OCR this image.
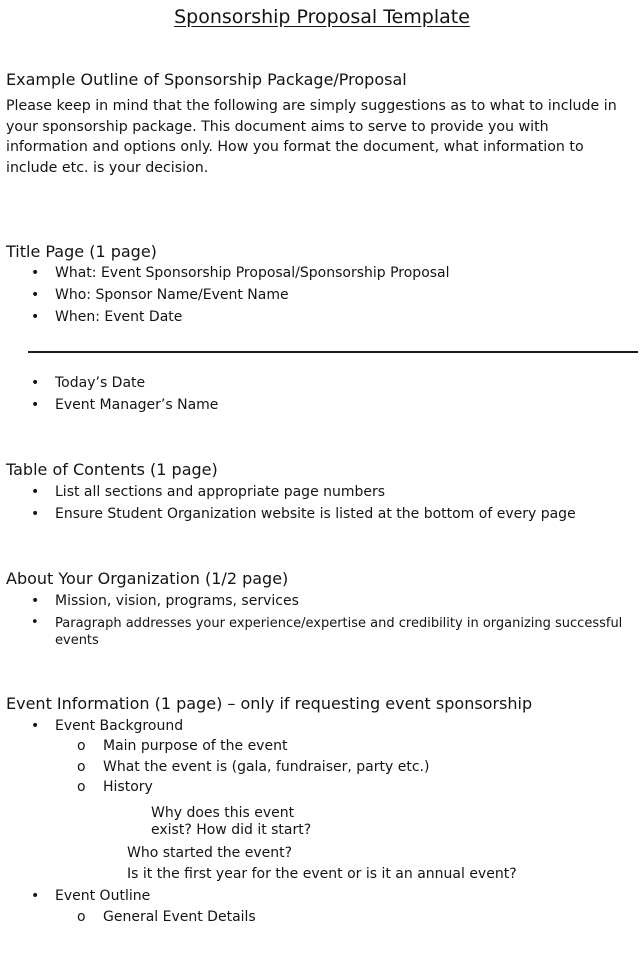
Sponsorship Proposal Template
Example Outline of Sponsorship Package/Proposal
Please keep in mind that the following are simply suggestions as to what to include in
your sponsorship package. This document aims to serve to provide you with
information and options only. How you format the document, what information to
include etc. is your decision.
Title Page (1 page)
• What: Event Sponsorship Proposal/Sponsorship Proposal
• Who: Sponsor Name/Event Name
• When: Event Date
• Today’s Date
• Event Manager’s Name
Table of Contents (1 page)
• List all sections and appropriate page numbers
• Ensure Student Organization website is listed at the bottom of every page
About Your Organization (1/2 page)
• Mission, vision, programs, services
• Paragraph addresses your experience/expertise and credibility in organizing successful
events
Event Information (1 page) – only if requesting event sponsorship
• Event Background
o Main purpose of the event
o What the event is (gala, fundraiser, party etc.)
o History
Why does this event
exist? How did it start?
Who started the event?
Is it the first year for the event or is it an annual event?
• Event Outline
o General Event Details
